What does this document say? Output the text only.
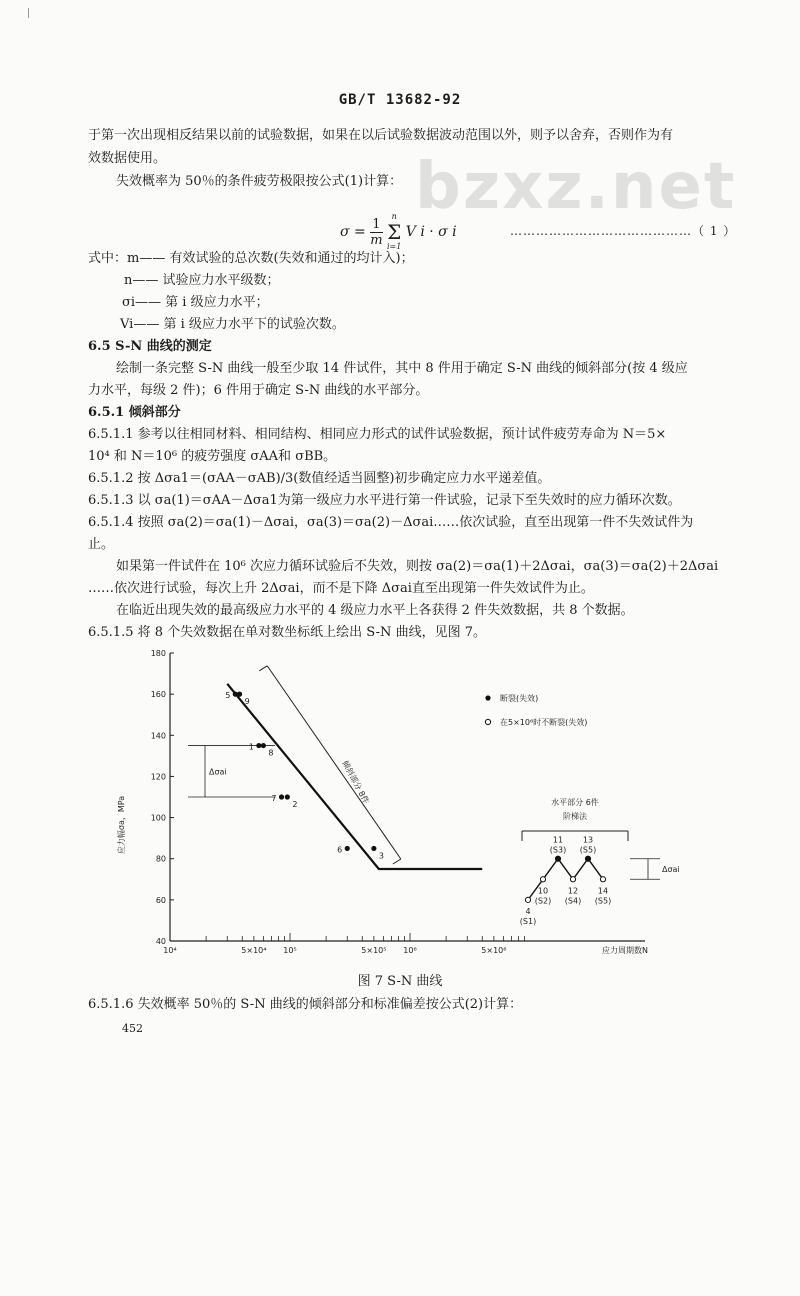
GB/T 13682-92
bzxz.net
于第一次出现相反结果以前的试验数据，如果在以后试验数据波动范围以外，则予以舍弃，否则作为有
效数据使用。
失效概率为 50％的条件疲劳极限按公式(1)计算：
$\sigma = \frac{1}{m}$
	n
Σ
i=1
V i · σ i	……………………………………（ 1 ）
式中：m—— 有效试验的总次数(失效和通过的均计入)；
n—— 试验应力水平级数；
σi—— 第 i 级应力水平；
Vi—— 第 i 级应力水平下的试验次数。
6.5 S-N 曲线的测定
绘制一条完整 S-N 曲线一般至少取 14 件试件，其中 8 件用于确定 S-N 曲线的倾斜部分(按 4 级应
力水平，每级 2 件)；6 件用于确定 S-N 曲线的水平部分。
6.5.1 倾斜部分
6.5.1.1 参考以往相同材料、相同结构、相同应力形式的试件试验数据，预计试件疲劳寿命为 N＝5×
10⁴ 和 N＝10⁶ 的疲劳强度 σAA和 σBB。
6.5.1.2 按 Δσa1＝(σAA－σAB)/3(数值经适当圆整)初步确定应力水平递差值。
6.5.1.3 以 σa(1)＝σAA－Δσa1为第一级应力水平进行第一件试验，记录下至失效时的应力循环次数。
6.5.1.4 按照 σa(2)＝σa(1)－Δσai，σa(3)＝σa(2)－Δσai……依次试验，直至出现第一件不失效试件为
止。
如果第一件试件在 10⁶ 次应力循环试验后不失效，则按 σa(2)＝σa(1)＋2Δσai，σa(3)＝σa(2)＋2Δσai
……依次进行试验，每次上升 2Δσai，而不是下降 Δσai直至出现第一件失效试件为止。
在临近出现失效的最高级应力水平的 4 级应力水平上各获得 2 件失效数据，共 8 个数据。
6.5.1.5 将 8 个失效数据在单对数坐标纸上绘出 S-N 曲线，见图 7。
40
60
80
100
120
140
160
180
10⁴	5×10⁴ 10⁵	5×10⁵ 10⁶	5×10⁶	应力周期数N
应力幅σa，MPa
倾斜部分 8件
Δσai
5
9
1
8
7
2
6
3
断裂(失效)
在5×10⁶时不断裂(失效)
4
(S1)
10
(S2)
11
(S3)
12
(S4)
13
(S5)
14
(S5)
水平部分 6件
阶梯法
Δσai
图 7 S-N 曲线
6.5.1.6 失效概率 50％的 S-N 曲线的倾斜部分和标准偏差按公式(2)计算：
452
